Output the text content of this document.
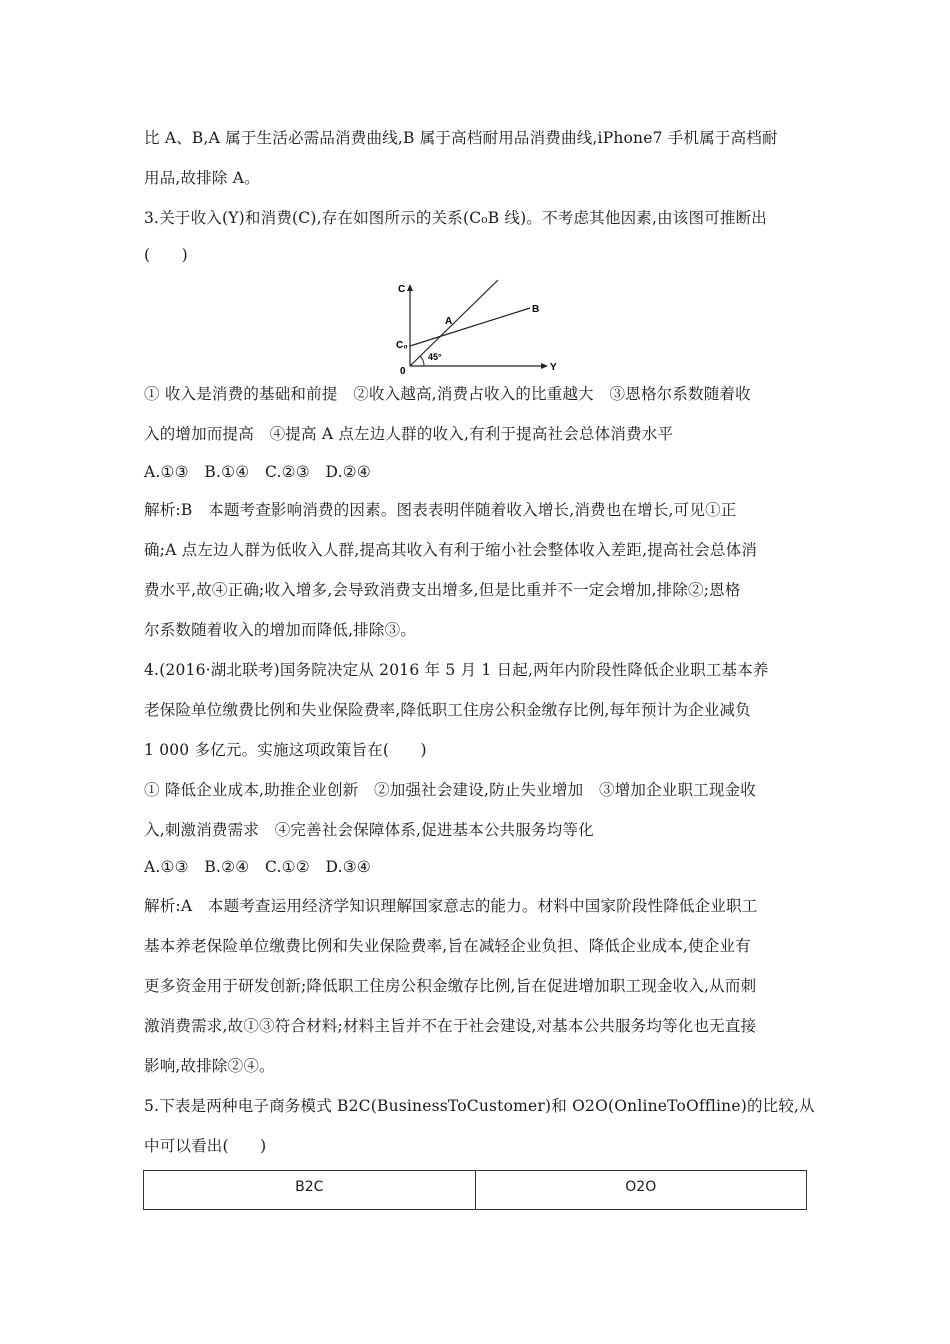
比 A、B,A 属于生活必需品消费曲线,B 属于高档耐用品消费曲线,iPhone7 手机属于高档耐
用品,故排除 A。
3.关于收入(Y)和消费(C),存在如图所示的关系(C₀B 线)。不考虑其他因素,由该图可推断出
(　　)
C
Y
0
C₀
A
B
45°
① 收入是消费的基础和前提　②收入越高,消费占收入的比重越大　③恩格尔系数随着收
入的增加而提高　④提高 A 点左边人群的收入,有利于提高社会总体消费水平
A.①③　B.①④　C.②③　D.②④
解析:B　本题考查影响消费的因素。图表表明伴随着收入增长,消费也在增长,可见①正
确;A 点左边人群为低收入人群,提高其收入有利于缩小社会整体收入差距,提高社会总体消
费水平,故④正确;收入增多,会导致消费支出增多,但是比重并不一定会增加,排除②;恩格
尔系数随着收入的增加而降低,排除③。
4.(2016·湖北联考)国务院决定从 2016 年 5 月 1 日起,两年内阶段性降低企业职工基本养
老保险单位缴费比例和失业保险费率,降低职工住房公积金缴存比例,每年预计为企业减负
1 000 多亿元。实施这项政策旨在(　　)
① 降低企业成本,助推企业创新　②加强社会建设,防止失业增加　③增加企业职工现金收
入,刺激消费需求　④完善社会保障体系,促进基本公共服务均等化
A.①③　B.②④　C.①②　D.③④
解析:A　本题考查运用经济学知识理解国家意志的能力。材料中国家阶段性降低企业职工
基本养老保险单位缴费比例和失业保险费率,旨在减轻企业负担、降低企业成本,使企业有
更多资金用于研发创新;降低职工住房公积金缴存比例,旨在促进增加职工现金收入,从而刺
激消费需求,故①③符合材料;材料主旨并不在于社会建设,对基本公共服务均等化也无直接
影响,故排除②④。
5.下表是两种电子商务模式 B2C(BusinessToCustomer)和 O2O(OnlineToOffline)的比较,从
中可以看出(　　)
B2C	O2O
